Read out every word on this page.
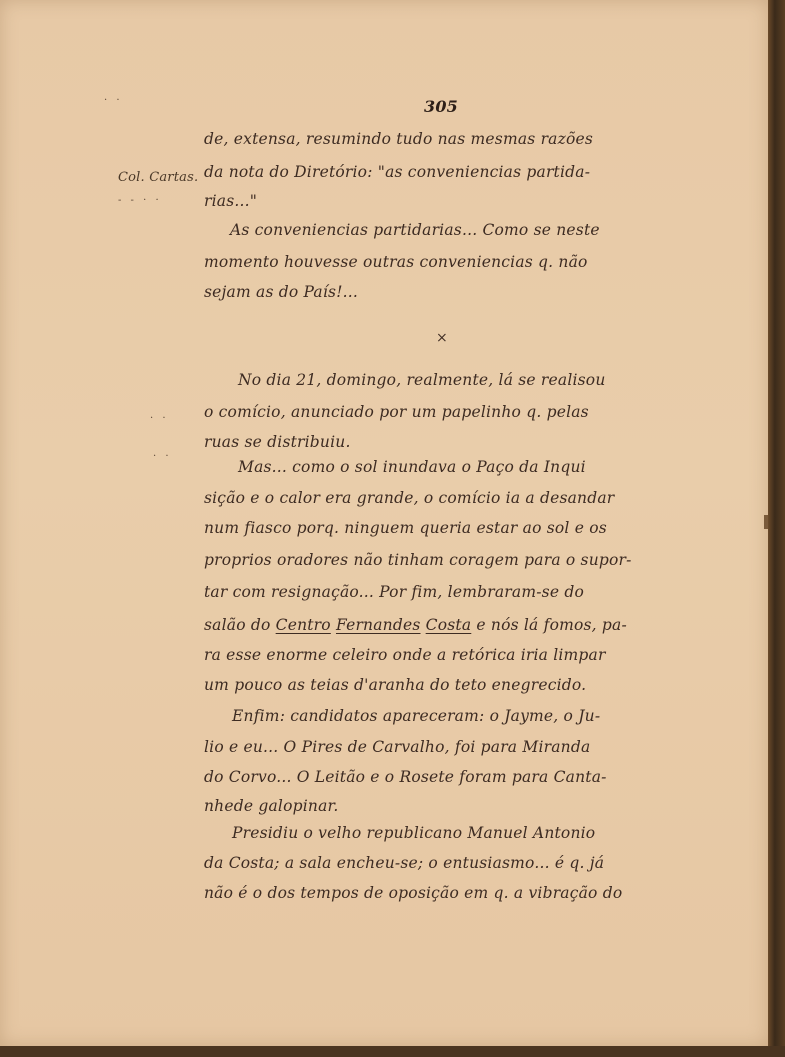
. .
- - · ·
. .
. .
305
Col. Cartas.
de, extensa, resumindo tudo nas mesmas razões
da nota do Diretório: "as conveniencias partida-
rias..."
As conveniencias partidarias... Como se neste
momento houvesse outras conveniencias q. não
sejam as do País!...
×
No dia 21, domingo, realmente, lá se realisou
o comício, anunciado por um papelinho q. pelas
ruas se distribuiu.
Mas... como o sol inundava o Paço da Inqui
sição e o calor era grande, o comício ia a desandar
num fiasco porq. ninguem queria estar ao sol e os
proprios oradores não tinham coragem para o supor-
tar com resignação... Por fim, lembraram-se do
salão do Centro Fernandes Costa e nós lá fomos, pa-
ra esse enorme celeiro onde a retórica iria limpar
um pouco as teias d'aranha do teto enegrecido.
Enfim: candidatos apareceram: o Jayme, o Ju-
lio e eu... O Pires de Carvalho, foi para Miranda
do Corvo... O Leitão e o Rosete foram para Canta-
nhede galopinar.
Presidiu o velho republicano Manuel Antonio
da Costa; a sala encheu-se; o entusiasmo... é q. já
não é o dos tempos de oposição em q. a vibração do
